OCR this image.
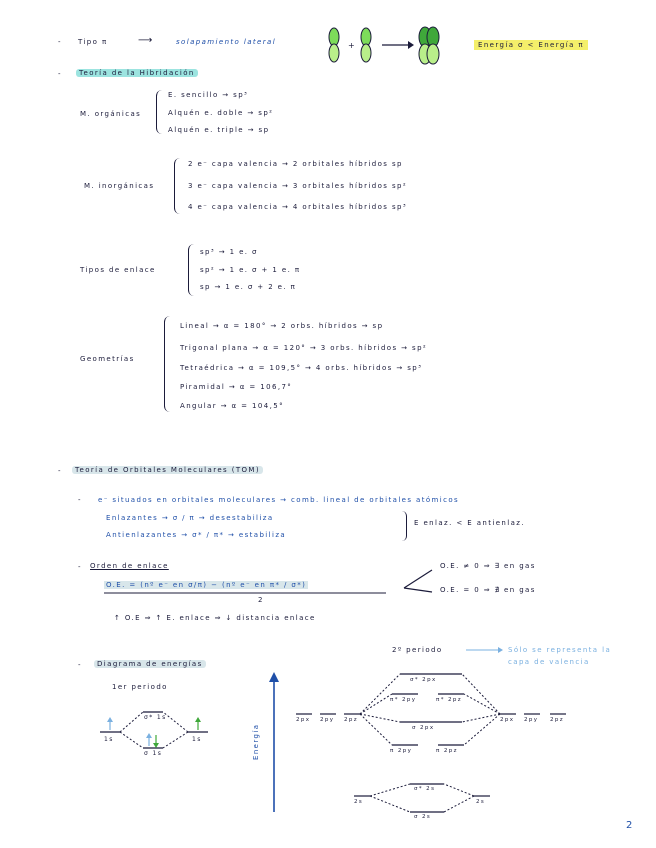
- Tipo π	⟶	solapamiento lateral	+	Energía σ < Energía π
-	Teoría de la Hibridación
M. orgánicas
E. sencillo → sp³
Alquén e. doble → sp²
Alquén e. triple → sp
M. inorgánicas
2 e⁻ capa valencia → 2 orbitales híbridos sp
3 e⁻ capa valencia → 3 orbitales híbridos sp²
4 e⁻ capa valencia → 4 orbitales híbridos sp³
Tipos de enlace
sp³ → 1 e. σ
sp² → 1 e. σ + 1 e. π
sp → 1 e. σ + 2 e. π
Geometrías
Lineal → α = 180° → 2 orbs. híbridos → sp
Trigonal plana → α = 120° → 3 orbs. híbridos → sp²
Tetraédrica → α = 109,5° → 4 orbs. híbridos → sp³
Piramidal → α = 106,7°
Angular → α = 104,5°
-	Teoría de Orbitales Moleculares (TOM)
- e⁻ situados en orbitales moleculares → comb. lineal de orbitales atómicos
Enlazantes → σ / π → desestabiliza
Antienlazantes → σ* / π* → estabiliza
E enlaz. < E antienlaz.
- Orden de enlace
O.E. = (nº e⁻ en σ/π) − (nº e⁻ en π* / σ*)
2
O.E. ≠ 0 ⇒ ∃ en gas
O.E. = 0 ⇒ ∄ en gas
↑ O.E ⇒ ↑ E. enlace ⇒ ↓ distancia enlace
-	Diagrama de energías
1er periodo
2º periodo	Sólo se representa la capa de valencia
Energía
1s	1s
σ* 1s
σ 1s
2px 2py 2pz	2px 2py 2pz
σ* 2px
π* 2py	π* 2pz
σ 2px
π 2py	π 2pz
σ* 2s
σ 2s
2s	2s
2
